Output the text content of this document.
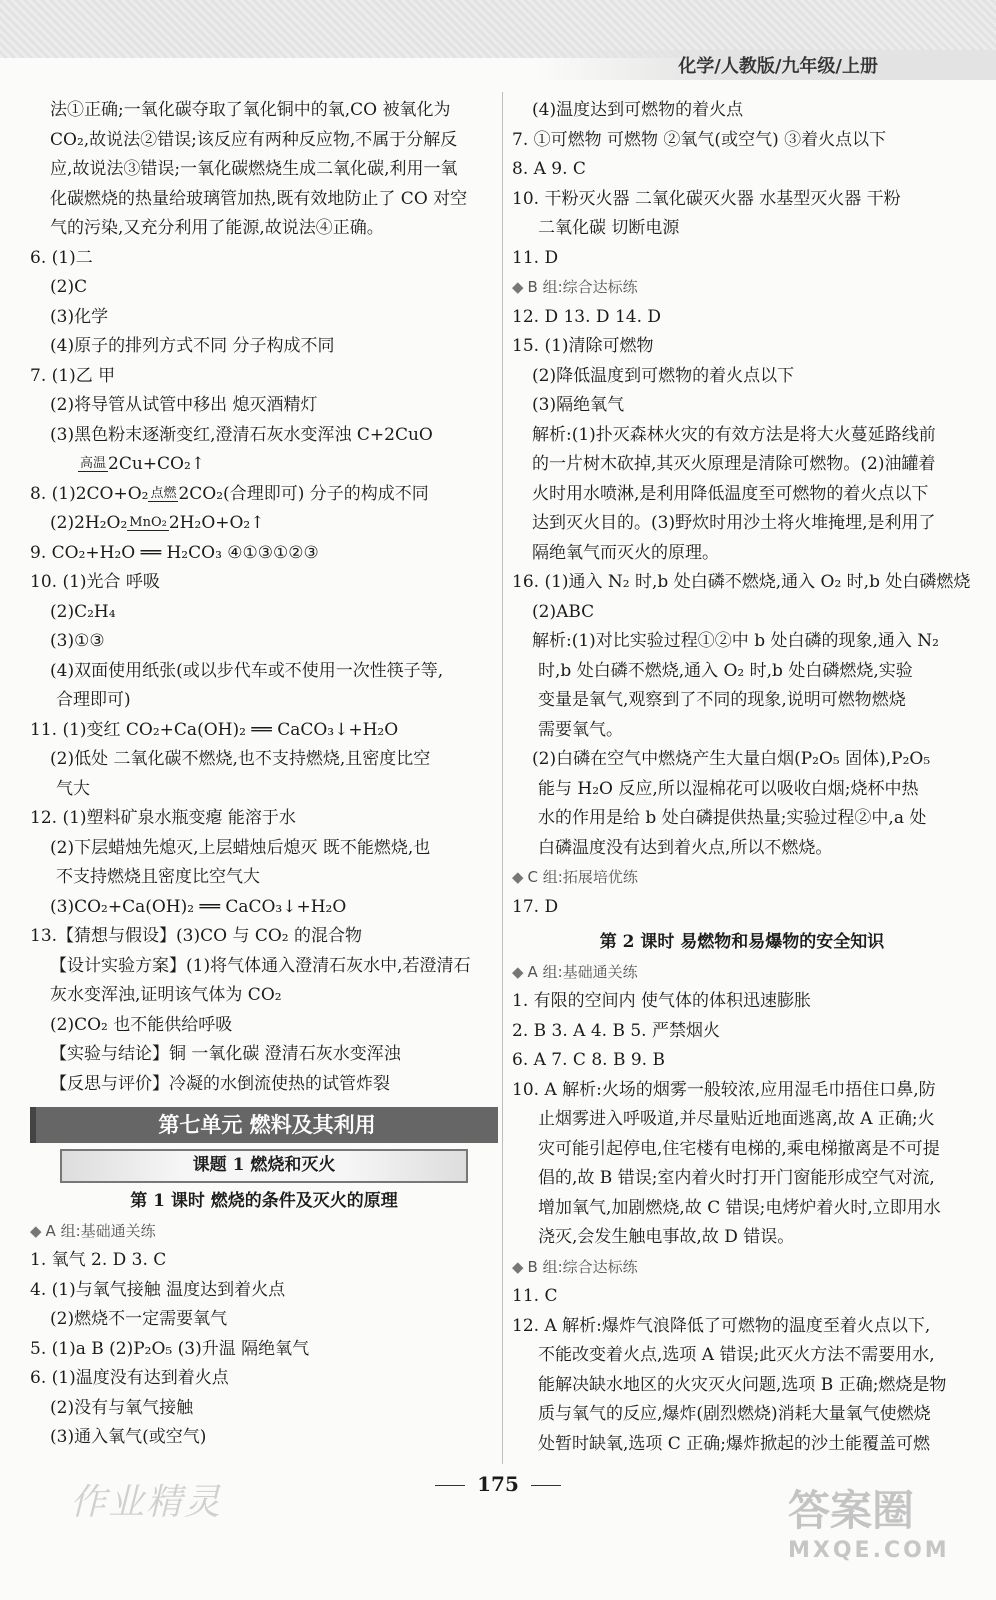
化学/人教版/九年级/上册
法①正确;一氧化碳夺取了氧化铜中的氧,CO 被氧化为
CO₂,故说法②错误;该反应有两种反应物,不属于分解反
应,故说法③错误;一氧化碳燃烧生成二氧化碳,利用一氧
化碳燃烧的热量给玻璃管加热,既有效地防止了 CO 对空
气的污染,又充分利用了能源,故说法④正确。
6. (1)二
(2)C
(3)化学
(4)原子的排列方式不同 分子构成不同
7. (1)乙 甲
(2)将导管从试管中移出 熄灭酒精灯
(3)黑色粉末逐渐变红,澄清石灰水变浑浊 C+2CuO
高温 2Cu+CO₂↑
8. (1)2CO+O₂ 点燃 2CO₂(合理即可) 分子的构成不同
(2)2H₂O₂ MnO₂ 2H₂O+O₂↑
9. CO₂+H₂O ══ H₂CO₃ ④①③①②③
10. (1)光合 呼吸
(2)C₂H₄
(3)①③
(4)双面使用纸张(或以步代车或不使用一次性筷子等,
合理即可)
11. (1)变红 CO₂+Ca(OH)₂ ══ CaCO₃↓+H₂O
(2)低处 二氧化碳不燃烧,也不支持燃烧,且密度比空
气大
12. (1)塑料矿泉水瓶变瘪 能溶于水
(2)下层蜡烛先熄灭,上层蜡烛后熄灭 既不能燃烧,也
不支持燃烧且密度比空气大
(3)CO₂+Ca(OH)₂ ══ CaCO₃↓+H₂O
13.【猜想与假设】(3)CO 与 CO₂ 的混合物
【设计实验方案】(1)将气体通入澄清石灰水中,若澄清石
灰水变浑浊,证明该气体为 CO₂
(2)CO₂ 也不能供给呼吸
【实验与结论】铜 一氧化碳 澄清石灰水变浑浊
【反思与评价】冷凝的水倒流使热的试管炸裂
第七单元 燃料及其利用
课题 1 燃烧和灭火
第 1 课时 燃烧的条件及灭火的原理
◆ A 组:基础通关练
1. 氧气 2. D 3. C
4. (1)与氧气接触 温度达到着火点
(2)燃烧不一定需要氧气
5. (1)a B (2)P₂O₅ (3)升温 隔绝氧气
6. (1)温度没有达到着火点
(2)没有与氧气接触
(3)通入氧气(或空气)
(4)温度达到可燃物的着火点
7. ①可燃物 可燃物 ②氧气(或空气) ③着火点以下
8. A 9. C
10. 干粉灭火器 二氧化碳灭火器 水基型灭火器 干粉
二氧化碳 切断电源
11. D
◆ B 组:综合达标练
12. D 13. D 14. D
15. (1)清除可燃物
(2)降低温度到可燃物的着火点以下
(3)隔绝氧气
解析:(1)扑灭森林火灾的有效方法是将大火蔓延路线前
的一片树木砍掉,其灭火原理是清除可燃物。(2)油罐着
火时用水喷淋,是利用降低温度至可燃物的着火点以下
达到灭火目的。(3)野炊时用沙土将火堆掩埋,是利用了
隔绝氧气而灭火的原理。
16. (1)通入 N₂ 时,b 处白磷不燃烧,通入 O₂ 时,b 处白磷燃烧
(2)ABC
解析:(1)对比实验过程①②中 b 处白磷的现象,通入 N₂
时,b 处白磷不燃烧,通入 O₂ 时,b 处白磷燃烧,实验
变量是氧气,观察到了不同的现象,说明可燃物燃烧
需要氧气。
(2)白磷在空气中燃烧产生大量白烟(P₂O₅ 固体),P₂O₅
能与 H₂O 反应,所以湿棉花可以吸收白烟;烧杯中热
水的作用是给 b 处白磷提供热量;实验过程②中,a 处
白磷温度没有达到着火点,所以不燃烧。
◆ C 组:拓展培优练
17. D
第 2 课时 易燃物和易爆物的安全知识
◆ A 组:基础通关练
1. 有限的空间内 使气体的体积迅速膨胀
2. B 3. A 4. B 5. 严禁烟火
6. A 7. C 8. B 9. B
10. A 解析:火场的烟雾一般较浓,应用湿毛巾捂住口鼻,防
止烟雾进入呼吸道,并尽量贴近地面逃离,故 A 正确;火
灾可能引起停电,住宅楼有电梯的,乘电梯撤离是不可提
倡的,故 B 错误;室内着火时打开门窗能形成空气对流,
增加氧气,加剧燃烧,故 C 错误;电烤炉着火时,立即用水
浇灭,会发生触电事故,故 D 错误。
◆ B 组:综合达标练
11. C
12. A 解析:爆炸气浪降低了可燃物的温度至着火点以下,
不能改变着火点,选项 A 错误;此灭火方法不需要用水,
能解决缺水地区的火灾灭火问题,选项 B 正确;燃烧是物
质与氧气的反应,爆炸(剧烈燃烧)消耗大量氧气使燃烧
处暂时缺氧,选项 C 正确;爆炸掀起的沙土能覆盖可燃
175
作业精灵	答案圈
MXQE.COM
